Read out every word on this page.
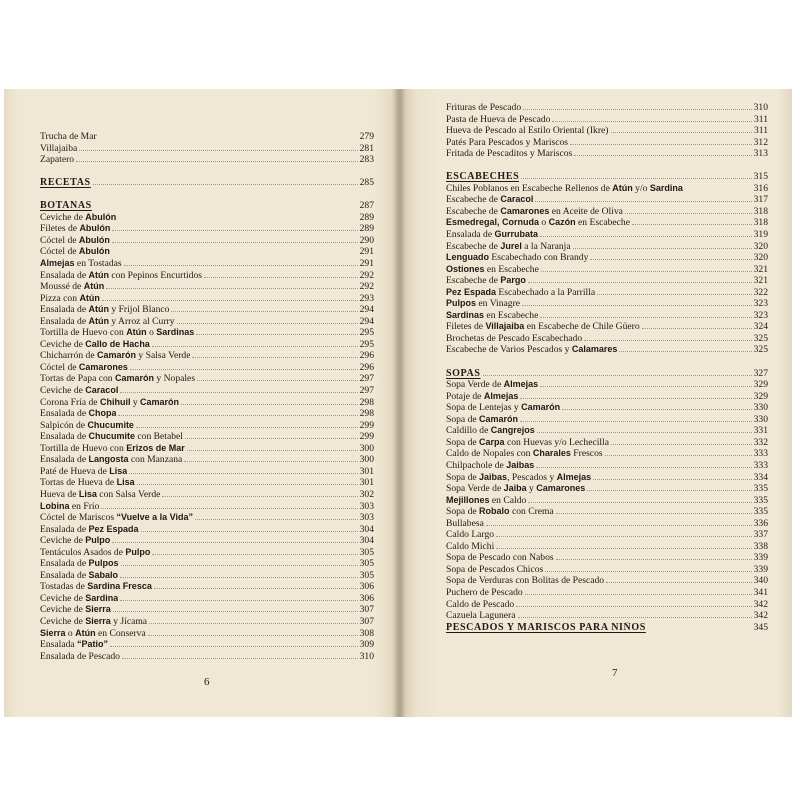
Trucha de Mar	279
Villajaiba	281
Zapatero	283
RECETAS	285
BOTANAS	287
Ceviche de Abulón	289
Filetes de Abulón	289
Cóctel de Abulón	290
Cóctel de Abulón	291
Almejas en Tostadas	291
Ensalada de Atún con Pepinos Encurtidos	292
Moussé de Atún	292
Pizza con Atún	293
Ensalada de Atún y Frijol Blanco	294
Ensalada de Atún y Arroz al Curry	294
Tortilla de Huevo con Atún o Sardinas	295
Ceviche de Callo de Hacha	295
Chicharrón de Camarón y Salsa Verde	296
Cóctel de Camarones	296
Tortas de Papa con Camarón y Nopales	297
Ceviche de Caracol	297
Corona Fría de Chihuil y Camarón	298
Ensalada de Chopa	298
Salpicón de Chucumite	299
Ensalada de Chucumite con Betabel	299
Tortilla de Huevo con Erizos de Mar	300
Ensalada de Langosta con Manzana	300
Paté de Hueva de Lisa	301
Tortas de Hueva de Lisa	301
Hueva de Lisa con Salsa Verde	302
Lobina en Frío	303
Cóctel de Mariscos “Vuelve a la Vida”	303
Ensalada de Pez Espada	304
Ceviche de Pulpo	304
Tentáculos Asados de Pulpo	305
Ensalada de Pulpos	305
Ensalada de Sabalo	305
Tostadas de Sardina Fresca	306
Ceviche de Sardina	306
Ceviche de Sierra	307
Ceviche de Sierra y Jícama	307
Sierra o Atún en Conserva	308
Ensalada “Patio”	309
Ensalada de Pescado	310
6
Frituras de Pescado	310
Pasta de Hueva de Pescado	311
Hueva de Pescado al Estilo Oriental (Ikre)	311
Patés Para Pescados y Mariscos	312
Fritada de Pescaditos y Mariscos	313
ESCABECHES	315
Chiles Poblanos en Escabeche Rellenos de Atún y/o Sardina	316
Escabeche de Caracol	317
Escabeche de Camarones en Aceite de Oliva	318
Esmedregal, Cornuda o Cazón en Escabeche	318
Ensalada de Gurrubata	319
Escabeche de Jurel a la Naranja	320
Lenguado Escabechado con Brandy	320
Ostiones en Escabeche	321
Escabeche de Pargo	321
Pez Espada Escabechado a la Parrilla	322
Pulpos en Vinagre	323
Sardinas en Escabeche	323
Filetes de Villajaiba en Escabeche de Chile Güero	324
Brochetas de Pescado Escabechado	325
Escabeche de Varios Pescados y Calamares	325
SOPAS	327
Sopa Verde de Almejas	329
Potaje de Almejas	329
Sopa de Lentejas y Camarón	330
Sopa de Camarón	330
Caldillo de Cangrejos	331
Sopa de Carpa con Huevas y/o Lechecilla	332
Caldo de Nopales con Charales Frescos	333
Chilpachole de Jaibas	333
Sopa de Jaibas, Pescados y Almejas	334
Sopa Verde de Jaiba y Camarones	335
Mejillones en Caldo	335
Sopa de Robalo con Crema	335
Bullabesa	336
Caldo Largo	337
Caldo Michi	338
Sopa de Pescado con Nabos	339
Sopa de Pescados Chicos	339
Sopa de Verduras con Bolitas de Pescado	340
Puchero de Pescado	341
Caldo de Pescado	342
Cazuela Lagunera	342
PESCADOS Y MARISCOS PARA NIÑOS	345
7
